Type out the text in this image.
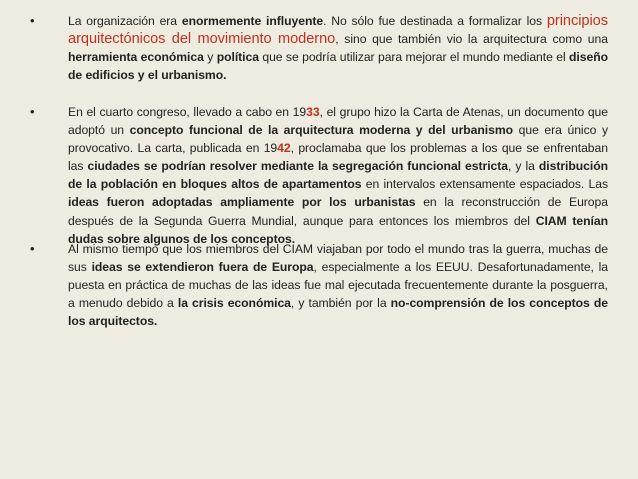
•	La organización era enormemente influyente. No sólo fue destinada a formalizar los principios arquitectónicos del movimiento moderno, sino que también vio la arquitectura como una herramienta económica y política que se podría utilizar para mejorar el mundo mediante el diseño de edificios y el urbanismo.

•	En el cuarto congreso, llevado a cabo en 1933, el grupo hizo la Carta de Atenas, un documento que adoptó un concepto funcional de la arquitectura moderna y del urbanismo que era único y provocativo. La carta, publicada en 1942, proclamaba que los problemas a los que se enfrentaban las ciudades se podrían resolver mediante la segregación funcional estricta, y la distribución de la población en bloques altos de apartamentos en intervalos extensamente espaciados. Las ideas fueron adoptadas ampliamente por los urbanistas en la reconstrucción de Europa después de la Segunda Guerra Mundial, aunque para entonces los miembros del CIAM tenían dudas sobre algunos de los conceptos.

•	Al mismo tiempo que los miembros del CIAM viajaban por todo el mundo tras la guerra, muchas de sus ideas se extendieron fuera de Europa, especialmente a los EEUU. Desafortunadamente, la puesta en práctica de muchas de las ideas fue mal ejecutada frecuentemente durante la posguerra, a menudo debido a la crisis económica, y también por la no-comprensión de los conceptos de los arquitectos.
